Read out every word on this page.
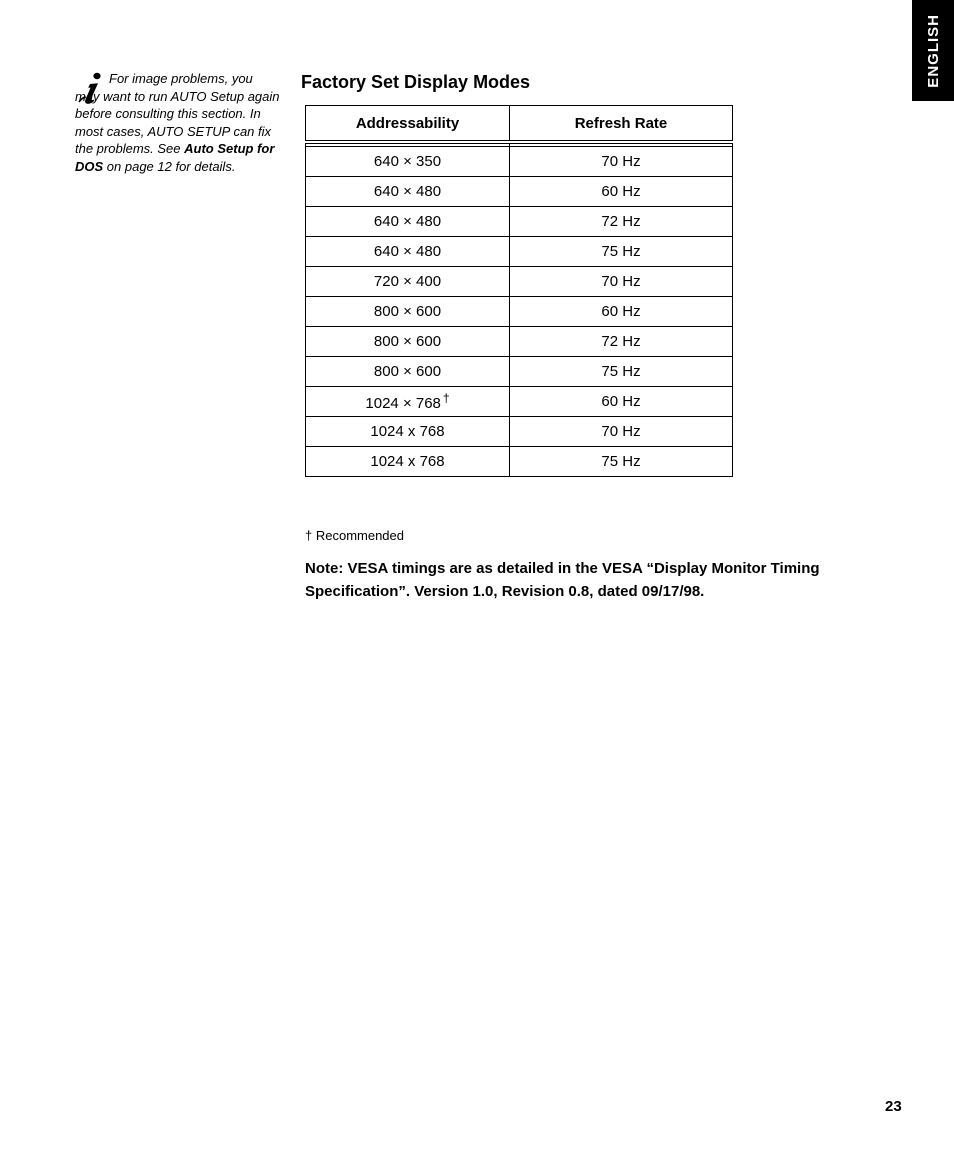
ENGLISH

For image problems, you may want to run AUTO Setup again before consulting this section. In most cases, AUTO SETUP can fix the problems. See Auto Setup for DOS on page 12 for details.

Factory Set Display Modes
Addressability	Refresh Rate

640 × 350	70 Hz
640 × 480	60 Hz
640 × 480	72 Hz
640 × 480	75 Hz
720 × 400	70 Hz
800 × 600	60 Hz
800 × 600	72 Hz
800 × 600	75 Hz
1024 × 768 †	60 Hz
1024 x 768	70 Hz
1024 x 768	75 Hz

† Recommended

Note: VESA timings are as detailed in the VESA “Display Monitor Timing Specification”. Version 1.0, Revision 0.8, dated 09/17/98.

23
